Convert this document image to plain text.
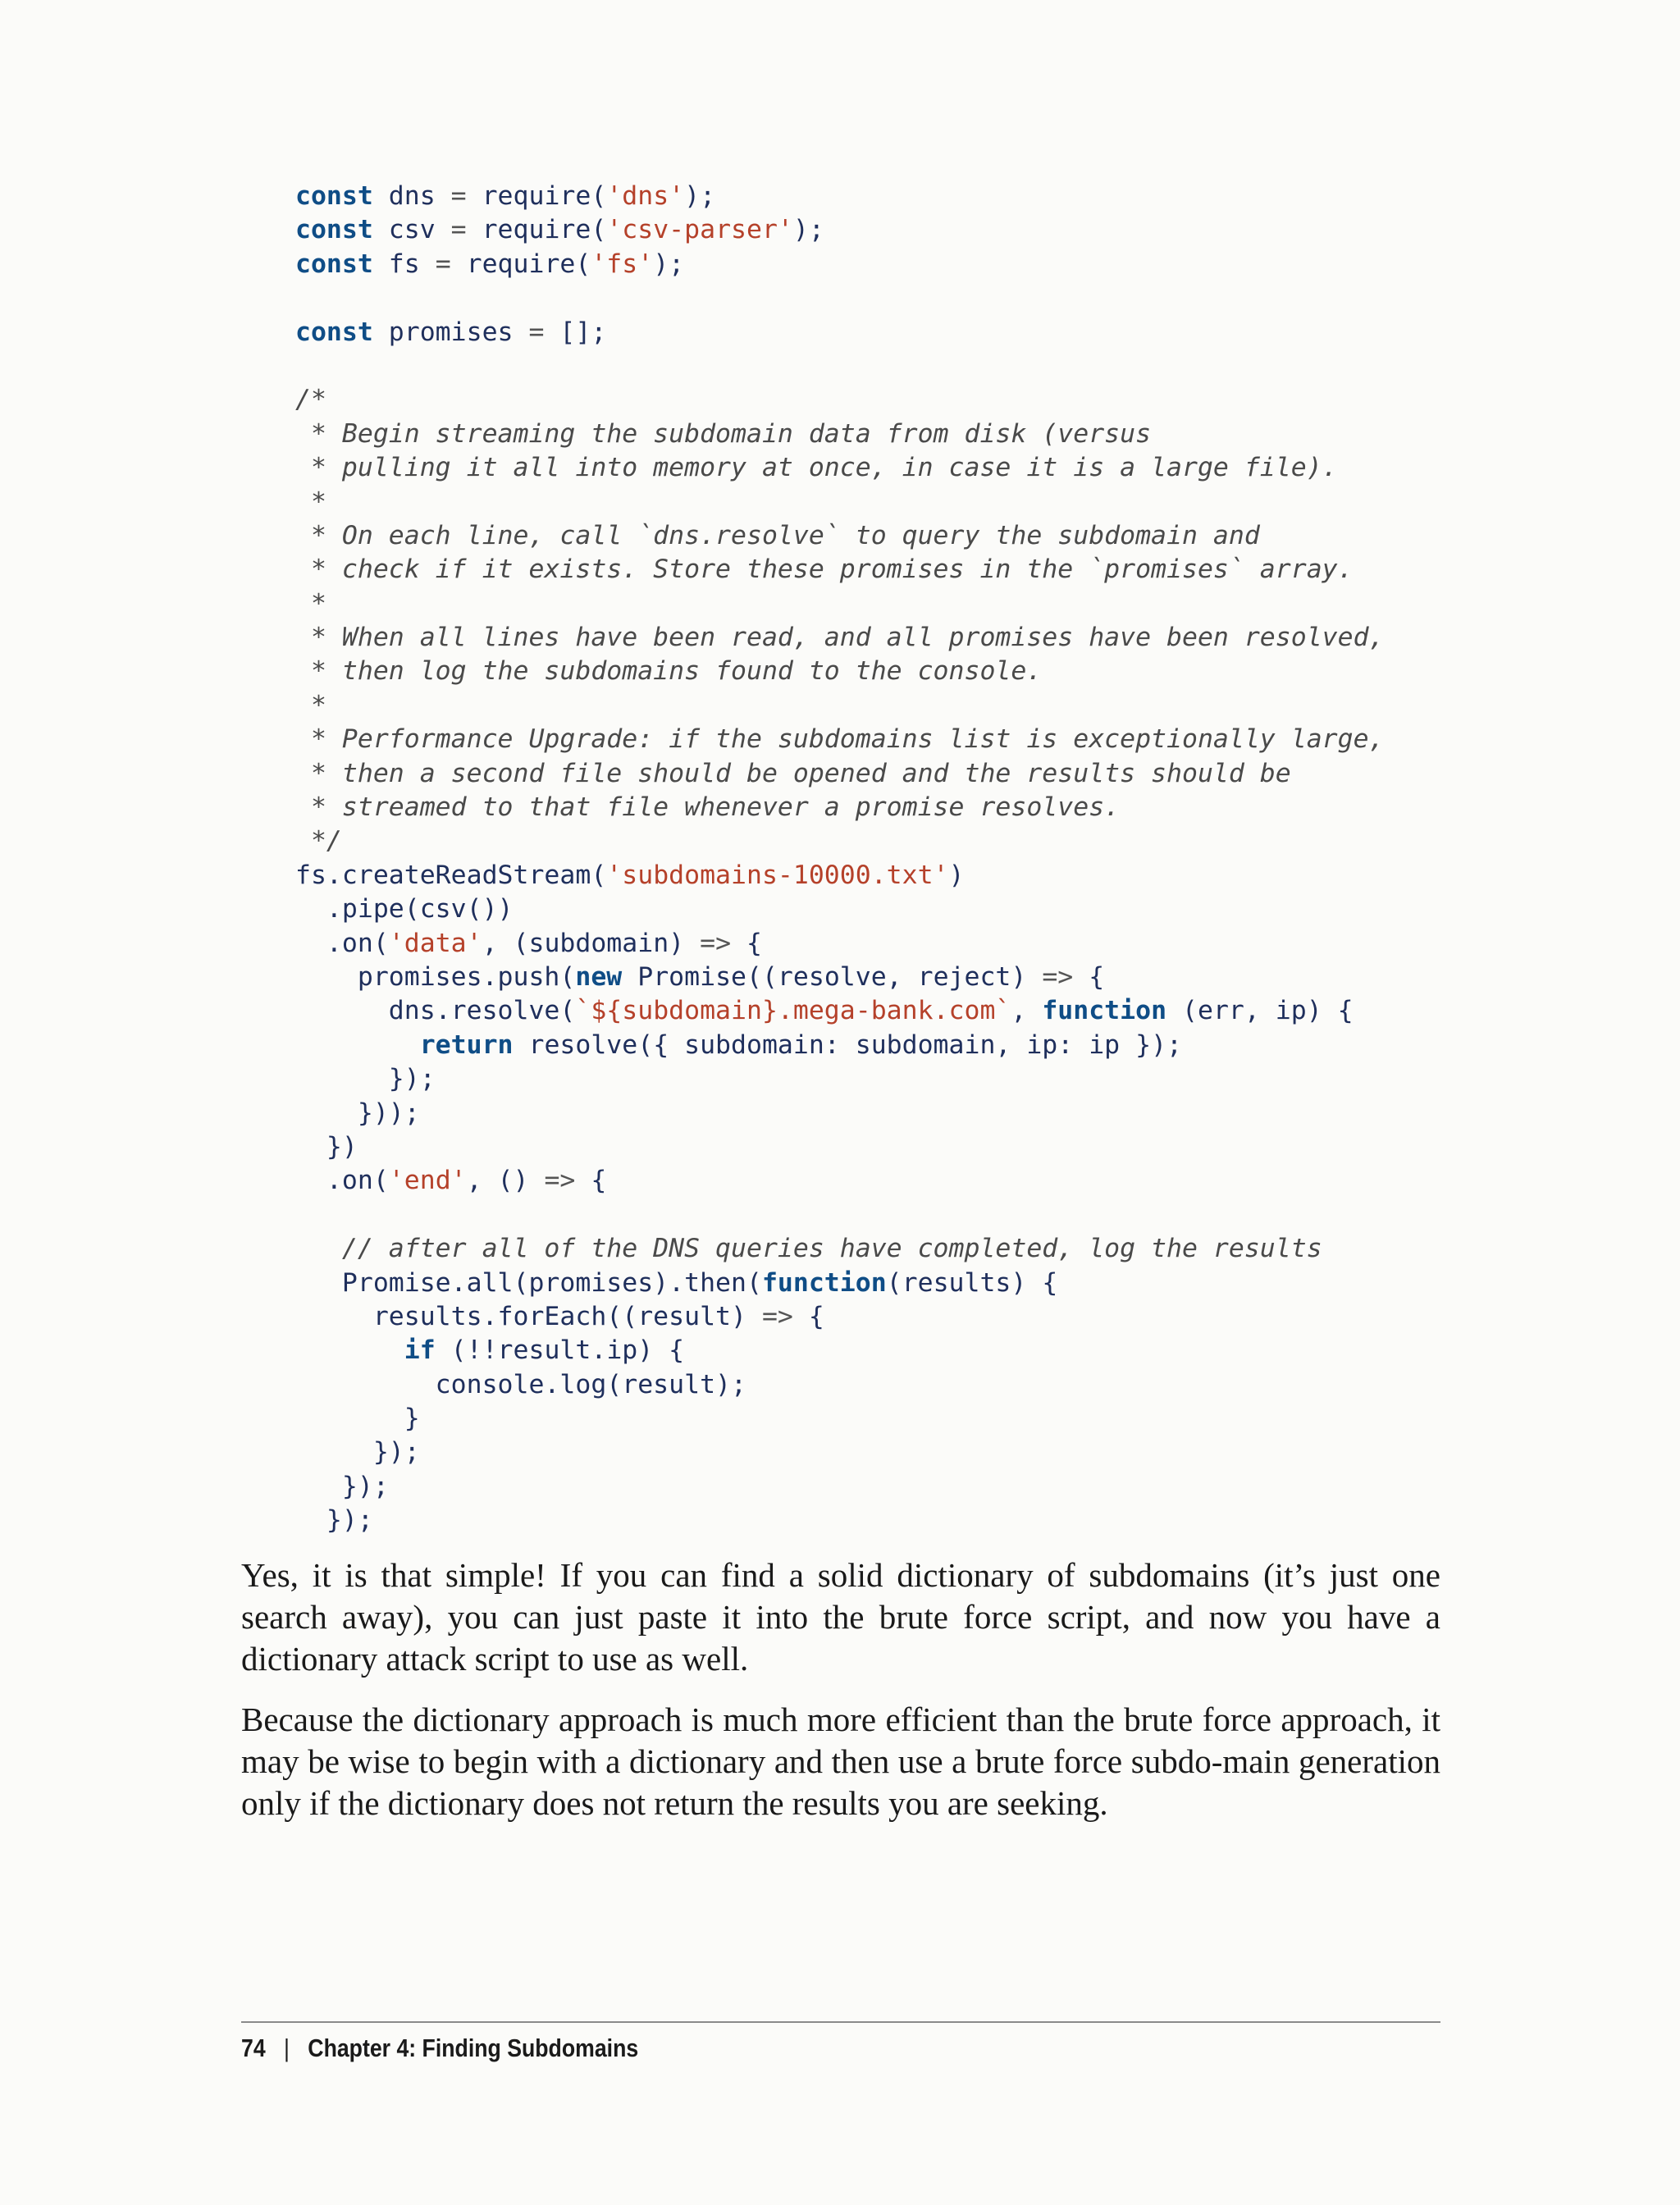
const dns = require('dns');
const csv = require('csv-parser');
const fs = require('fs');

const promises = [];

/*
* Begin streaming the subdomain data from disk (versus
* pulling it all into memory at once, in case it is a large file).
*
* On each line, call `dns.resolve` to query the subdomain and
* check if it exists. Store these promises in the `promises` array.
*
* When all lines have been read, and all promises have been resolved,
* then log the subdomains found to the console.
*
* Performance Upgrade: if the subdomains list is exceptionally large,
* then a second file should be opened and the results should be
* streamed to that file whenever a promise resolves.
*/
fs.createReadStream('subdomains-10000.txt')
.pipe(csv())
.on('data', (subdomain) => {
promises.push(new Promise((resolve, reject) => {
dns.resolve(`${subdomain}.mega-bank.com`, function (err, ip) {
return resolve({ subdomain: subdomain, ip: ip });
});
}));
})
.on('end', () => {

// after all of the DNS queries have completed, log the results
Promise.all(promises).then(function(results) {
results.forEach((result) => {
if (!!result.ip) {
console.log(result);
}
});
});
});

Yes, it is that simple! If you can find a solid dictionary of subdomains (it’s just one search away), you can just paste it into the brute force script, and now you have a dictionary attack script to use as well.

Because the dictionary approach is much more efficient than the brute force approach, it may be wise to begin with a dictionary and then use a brute force subdo-main generation only if the dictionary does not return the results you are seeking.

74 | Chapter 4: Finding Subdomains
